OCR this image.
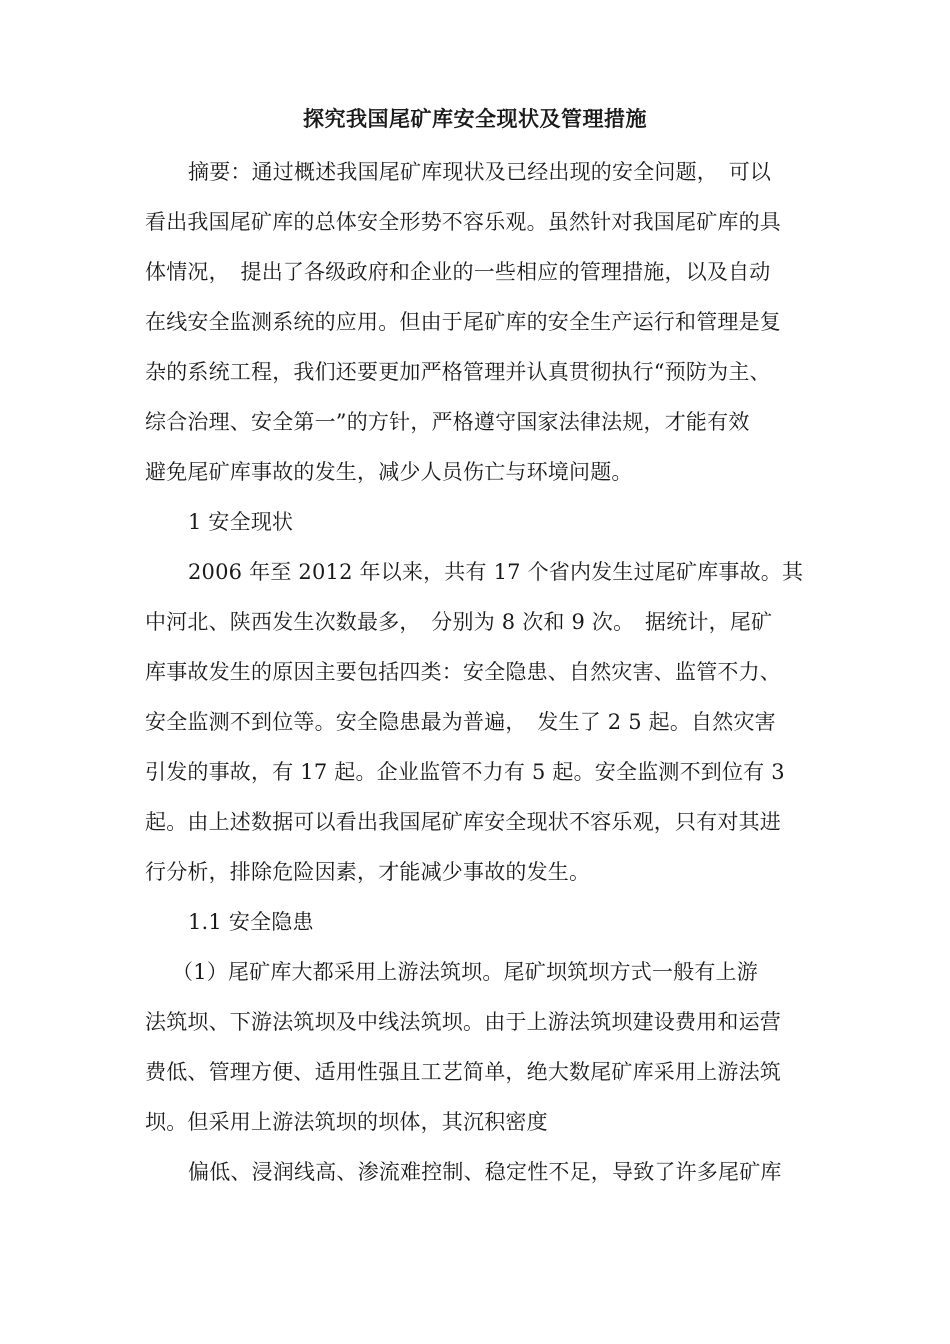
探究我国尾矿库安全现状及管理措施
摘要：通过概述我国尾矿库现状及已经出现的安全问题，　可以
看出我国尾矿库的总体安全形势不容乐观。虽然针对我国尾矿库的具
体情况，　提出了各级政府和企业的一些相应的管理措施，以及自动
在线安全监测系统的应用。但由于尾矿库的安全生产运行和管理是复
杂的系统工程，我们还要更加严格管理并认真贯彻执行“预防为主、
综合治理、安全第一”的方针，严格遵守国家法律法规，才能有效
避免尾矿库事故的发生，减少人员伤亡与环境问题。
1 安全现状
2006 年至 2012 年以来，共有 17 个省内发生过尾矿库事故。其
中河北、陕西发生次数最多，　分别为 8 次和 9 次。　据统计，尾矿
库事故发生的原因主要包括四类：安全隐患、自然灾害、监管不力、
安全监测不到位等。安全隐患最为普遍，　发生了 2 5 起。自然灾害
引发的事故，有 17 起。企业监管不力有 5 起。安全监测不到位有 3
起。由上述数据可以看出我国尾矿库安全现状不容乐观，只有对其进
行分析，排除危险因素，才能减少事故的发生。
1.1 安全隐患
（1）尾矿库大都采用上游法筑坝。尾矿坝筑坝方式一般有上游
法筑坝、下游法筑坝及中线法筑坝。由于上游法筑坝建设费用和运营
费低、管理方便、适用性强且工艺简单，绝大数尾矿库采用上游法筑
坝。但采用上游法筑坝的坝体，其沉积密度
偏低、浸润线高、渗流难控制、稳定性不足，导致了许多尾矿库
